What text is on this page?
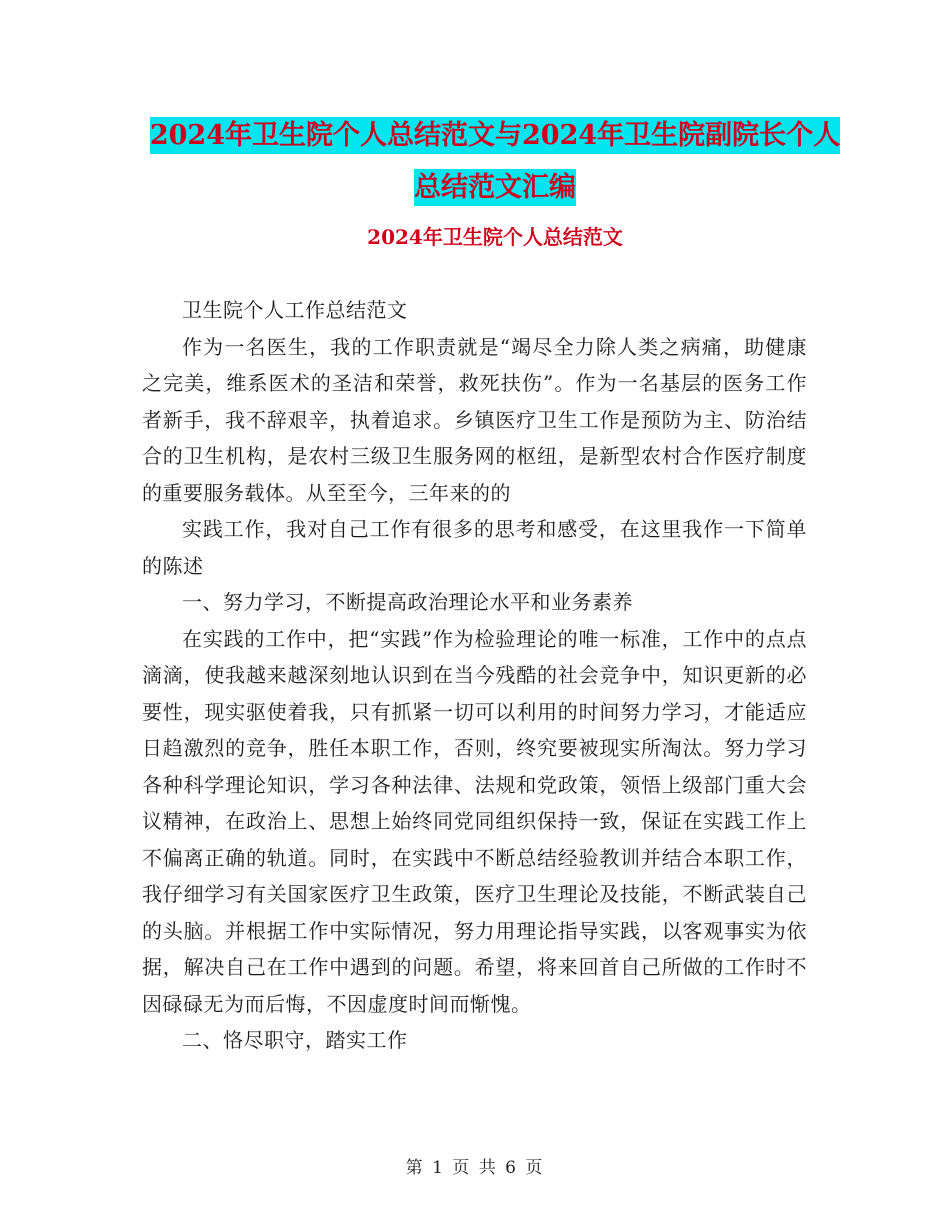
2024年卫生院个人总结范文与2024年卫生院副院长个人总结范文汇编
2024年卫生院个人总结范文

卫生院个人工作总结范文

作为一名医生，我的工作职责就是“竭尽全力除人类之病痛，助健康之完美，维系医术的圣洁和荣誉，救死扶伤”。作为一名基层的医务工作者新手，我不辞艰辛，执着追求。乡镇医疗卫生工作是预防为主、防治结合的卫生机构，是农村三级卫生服务网的枢纽，是新型农村合作医疗制度的重要服务载体。从至至今，三年来的的

实践工作，我对自己工作有很多的思考和感受，在这里我作一下简单的陈述

一、努力学习，不断提高政治理论水平和业务素养

在实践的工作中，把“实践”作为检验理论的唯一标准，工作中的点点滴滴，使我越来越深刻地认识到在当今残酷的社会竞争中，知识更新的必要性，现实驱使着我，只有抓紧一切可以利用的时间努力学习，才能适应日趋激烈的竞争，胜任本职工作，否则，终究要被现实所淘汰。努力学习各种科学理论知识，学习各种法律、法规和党政策，领悟上级部门重大会议精神，在政治上、思想上始终同党同组织保持一致，保证在实践工作上不偏离正确的轨道。同时，在实践中不断总结经验教训并结合本职工作，我仔细学习有关国家医疗卫生政策，医疗卫生理论及技能，不断武装自己的头脑。并根据工作中实际情况，努力用理论指导实践，以客观事实为依据，解决自己在工作中遇到的问题。希望，将来回首自己所做的工作时不因碌碌无为而后悔，不因虚度时间而惭愧。

二、恪尽职守，踏实工作

第 1 页 共 6 页
